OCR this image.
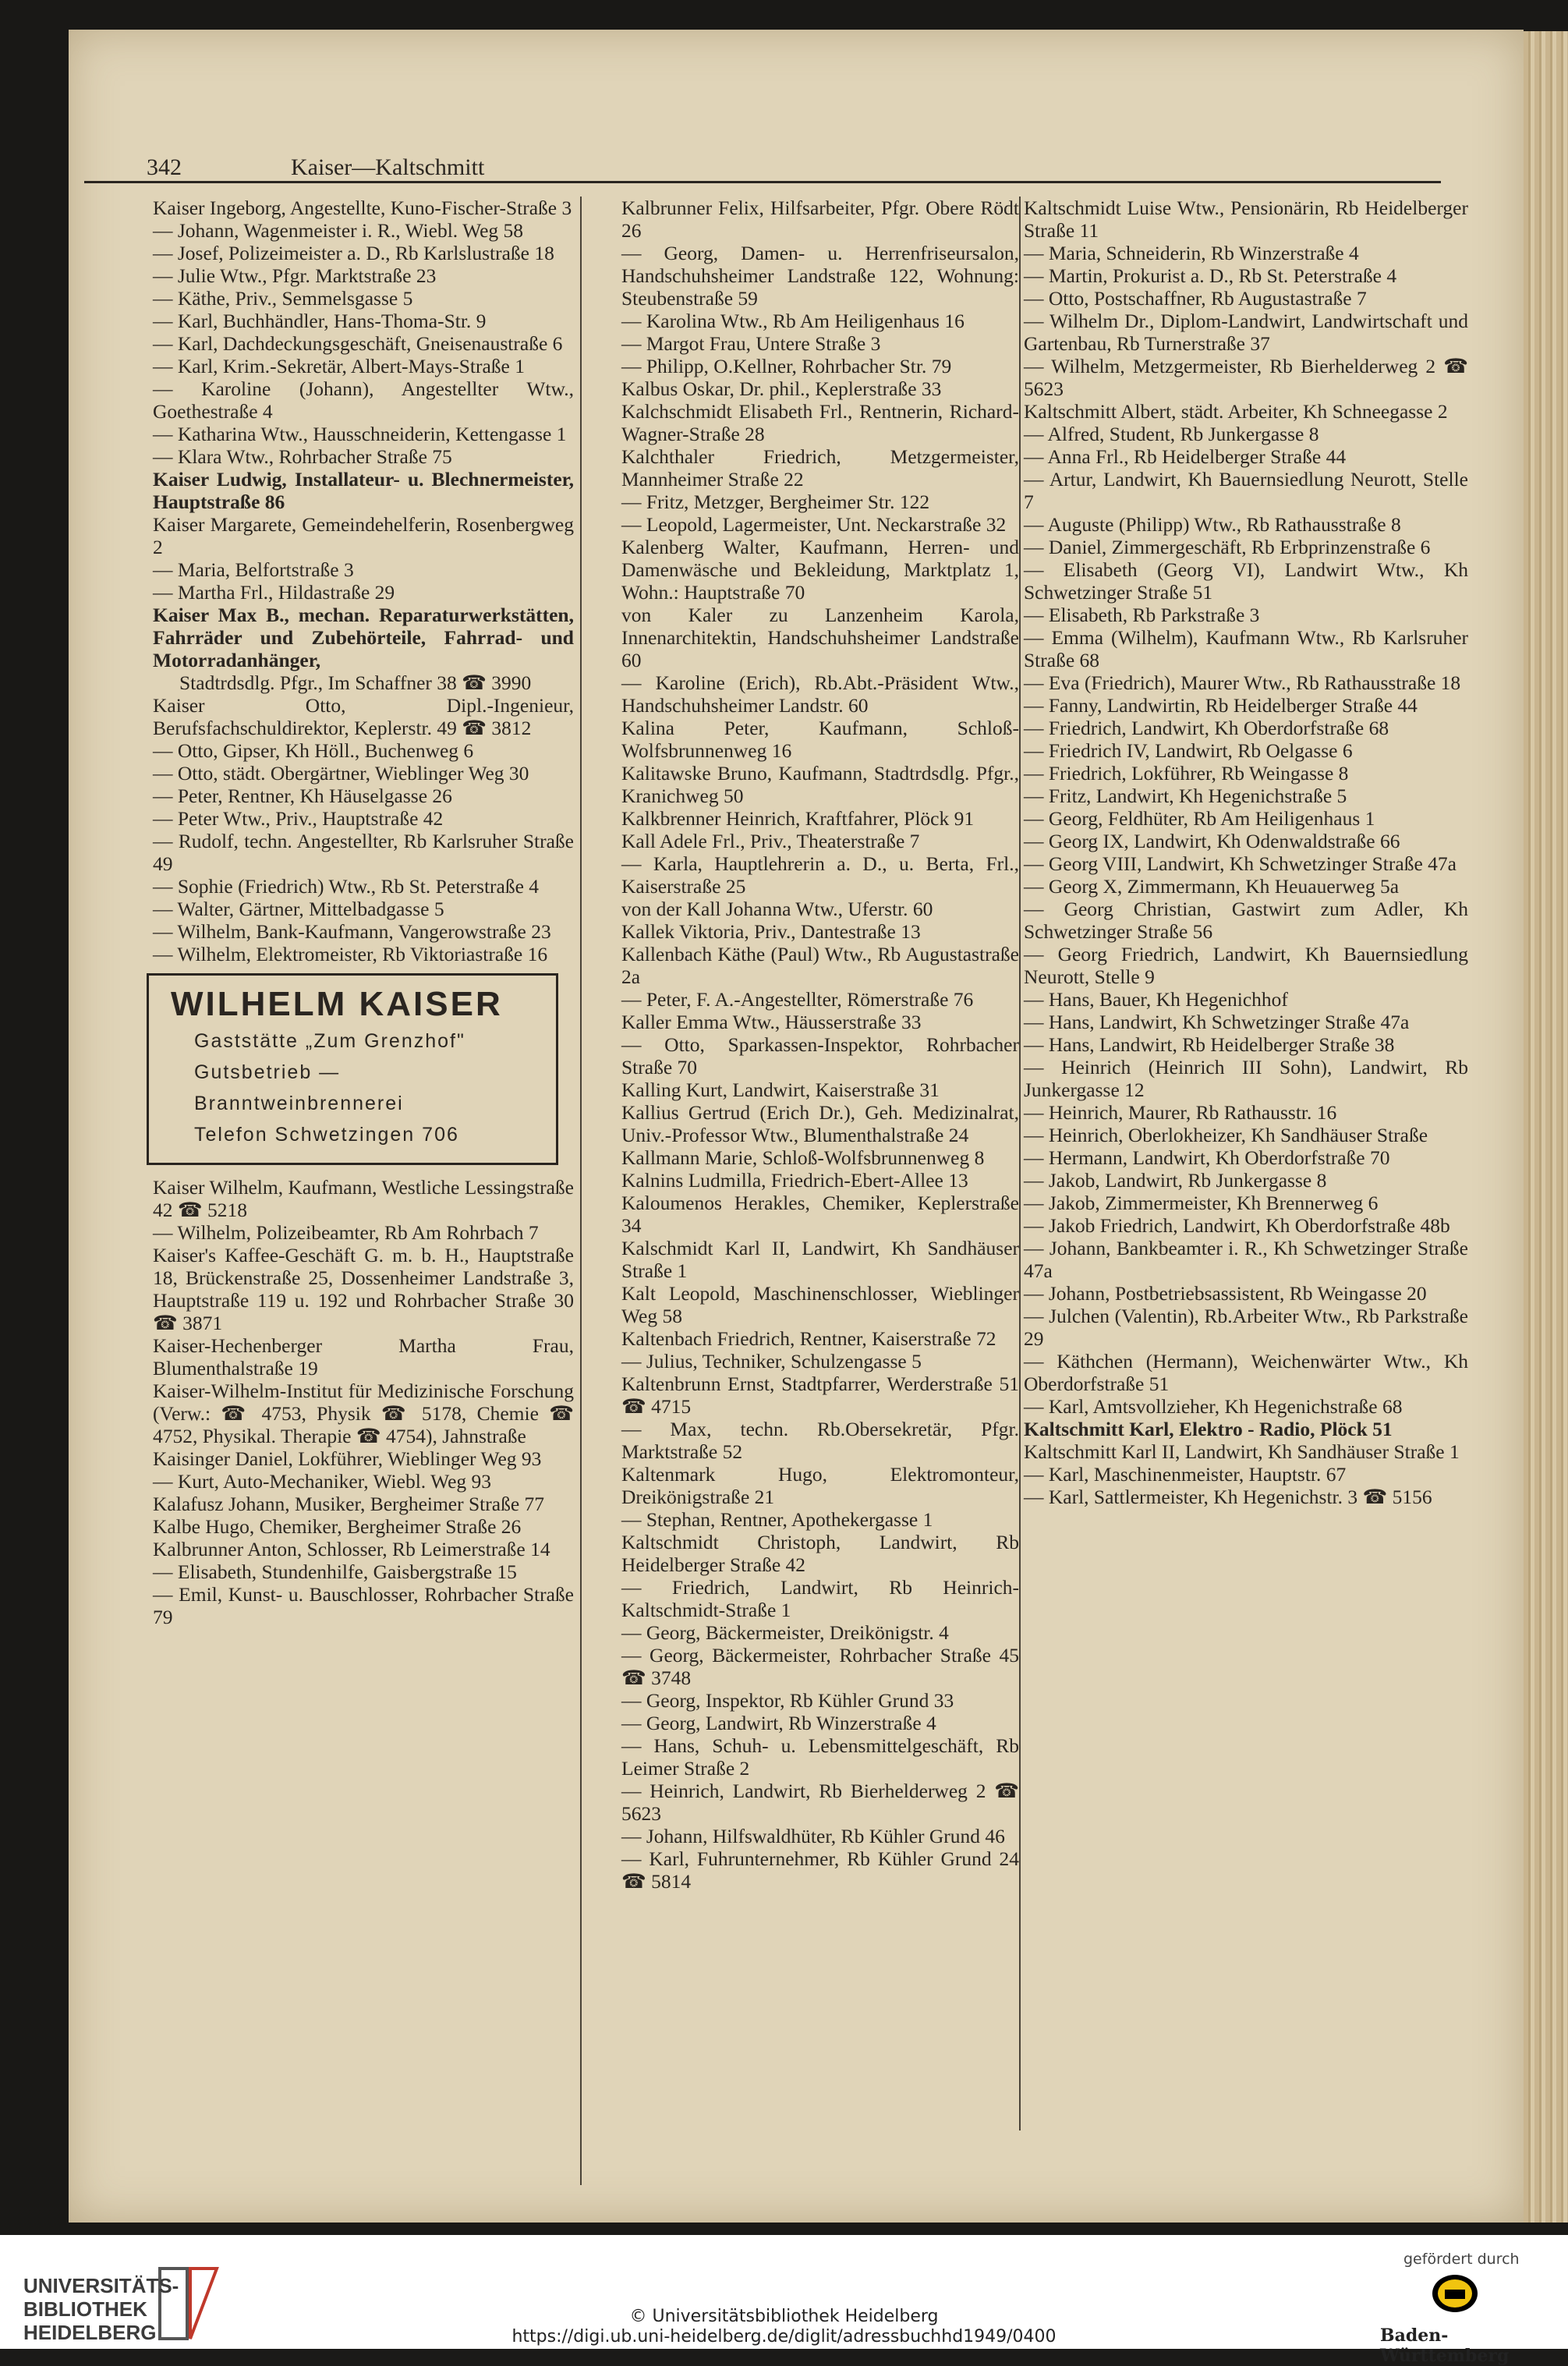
342	Kaiser—Kaltschmitt

Kaiser Ingeborg, Angestellte, Kuno-Fischer-Straße 3

— Johann, Wagenmeister i. R., Wiebl. Weg 58

— Josef, Polizeimeister a. D., Rb Karlslustraße 18

— Julie Wtw., Pfgr. Marktstraße 23

— Käthe, Priv., Semmelsgasse 5

— Karl, Buchhändler, Hans-Thoma-Str. 9

— Karl, Dachdeckungsgeschäft, Gneisenaustraße 6

— Karl, Krim.-Sekretär, Albert-Mays-Straße 1

— Karoline (Johann), Angestellter Wtw., Goethestraße 4

— Katharina Wtw., Hausschneiderin, Kettengasse 1

— Klara Wtw., Rohrbacher Straße 75

Kaiser Ludwig, Installateur- u. Blechnermeister, Hauptstraße 86

Kaiser Margarete, Gemeindehelferin, Rosenbergweg 2

— Maria, Belfortstraße 3

— Martha Frl., Hildastraße 29

Kaiser Max B., mechan. Reparaturwerkstätten, Fahrräder und Zubehörteile, Fahrrad- und Motorradanhänger,

Stadtrdsdlg. Pfgr., Im Schaffner 38 ☎ 3990

Kaiser Otto, Dipl.-Ingenieur, Berufsfachschuldirektor, Keplerstr. 49 ☎ 3812

— Otto, Gipser, Kh Höll., Buchenweg 6

— Otto, städt. Obergärtner, Wieblinger Weg 30

— Peter, Rentner, Kh Häuselgasse 26

— Peter Wtw., Priv., Hauptstraße 42

— Rudolf, techn. Angestellter, Rb Karlsruher Straße 49

— Sophie (Friedrich) Wtw., Rb St. Peterstraße 4

— Walter, Gärtner, Mittelbadgasse 5

— Wilhelm, Bank-Kaufmann, Vangerowstraße 23

— Wilhelm, Elektromeister, Rb Viktoriastraße 16

WILHELM KAISER
Gaststätte „Zum Grenzhof"
Gutsbetrieb — Branntweinbrennerei
Telefon Schwetzingen 706

Kaiser Wilhelm, Kaufmann, Westliche Lessingstraße 42 ☎ 5218

— Wilhelm, Polizeibeamter, Rb Am Rohrbach 7

Kaiser's Kaffee-Geschäft G. m. b. H., Hauptstraße 18, Brückenstraße 25, Dossenheimer Landstraße 3, Hauptstraße 119 u. 192 und Rohrbacher Straße 30 ☎ 3871

Kaiser-Hechenberger Martha Frau, Blumenthalstraße 19

Kaiser-Wilhelm-Institut für Medizinische Forschung (Verw.: ☎ 4753, Physik ☎ 5178, Chemie ☎ 4752, Physikal. Therapie ☎ 4754), Jahnstraße

Kaisinger Daniel, Lokführer, Wieblinger Weg 93

— Kurt, Auto-Mechaniker, Wiebl. Weg 93

Kalafusz Johann, Musiker, Bergheimer Straße 77

Kalbe Hugo, Chemiker, Bergheimer Straße 26

Kalbrunner Anton, Schlosser, Rb Leimerstraße 14

— Elisabeth, Stundenhilfe, Gaisbergstraße 15

— Emil, Kunst- u. Bauschlosser, Rohrbacher Straße 79

Kalbrunner Felix, Hilfsarbeiter, Pfgr. Obere Rödt 26

— Georg, Damen- u. Herrenfriseursalon, Handschuhsheimer Landstraße 122, Wohnung: Steubenstraße 59

— Karolina Wtw., Rb Am Heiligenhaus 16

— Margot Frau, Untere Straße 3

— Philipp, O.Kellner, Rohrbacher Str. 79

Kalbus Oskar, Dr. phil., Keplerstraße 33

Kalchschmidt Elisabeth Frl., Rentnerin, Richard-Wagner-Straße 28

Kalchthaler Friedrich, Metzgermeister, Mannheimer Straße 22

— Fritz, Metzger, Bergheimer Str. 122

— Leopold, Lagermeister, Unt. Neckarstraße 32

Kalenberg Walter, Kaufmann, Herren- und Damenwäsche und Bekleidung, Marktplatz 1, Wohn.: Hauptstraße 70

von Kaler zu Lanzenheim Karola, Innenarchitektin, Handschuhsheimer Landstraße 60

— Karoline (Erich), Rb.Abt.-Präsident Wtw., Handschuhsheimer Landstr. 60

Kalina Peter, Kaufmann, Schloß-Wolfsbrunnenweg 16

Kalitawske Bruno, Kaufmann, Stadtrdsdlg. Pfgr., Kranichweg 50

Kalkbrenner Heinrich, Kraftfahrer, Plöck 91

Kall Adele Frl., Priv., Theaterstraße 7

— Karla, Hauptlehrerin a. D., u. Berta, Frl., Kaiserstraße 25

von der Kall Johanna Wtw., Uferstr. 60

Kallek Viktoria, Priv., Dantestraße 13

Kallenbach Käthe (Paul) Wtw., Rb Augustastraße 2a

— Peter, F. A.-Angestellter, Römerstraße 76

Kaller Emma Wtw., Häusserstraße 33

— Otto, Sparkassen-Inspektor, Rohrbacher Straße 70

Kalling Kurt, Landwirt, Kaiserstraße 31

Kallius Gertrud (Erich Dr.), Geh. Medizinalrat, Univ.-Professor Wtw., Blumenthalstraße 24

Kallmann Marie, Schloß-Wolfsbrunnenweg 8

Kalnins Ludmilla, Friedrich-Ebert-Allee 13

Kaloumenos Herakles, Chemiker, Keplerstraße 34

Kalschmidt Karl II, Landwirt, Kh Sandhäuser Straße 1

Kalt Leopold, Maschinenschlosser, Wieblinger Weg 58

Kaltenbach Friedrich, Rentner, Kaiserstraße 72

— Julius, Techniker, Schulzengasse 5

Kaltenbrunn Ernst, Stadtpfarrer, Werderstraße 51 ☎ 4715

— Max, techn. Rb.Obersekretär, Pfgr. Marktstraße 52

Kaltenmark Hugo, Elektromonteur, Dreikönigstraße 21

— Stephan, Rentner, Apothekergasse 1

Kaltschmidt Christoph, Landwirt, Rb Heidelberger Straße 42

— Friedrich, Landwirt, Rb Heinrich-Kaltschmidt-Straße 1

— Georg, Bäckermeister, Dreikönigstr. 4

— Georg, Bäckermeister, Rohrbacher Straße 45 ☎ 3748

— Georg, Inspektor, Rb Kühler Grund 33

— Georg, Landwirt, Rb Winzerstraße 4

— Hans, Schuh- u. Lebensmittelgeschäft, Rb Leimer Straße 2

— Heinrich, Landwirt, Rb Bierhelderweg 2 ☎ 5623

— Johann, Hilfswaldhüter, Rb Kühler Grund 46

— Karl, Fuhrunternehmer, Rb Kühler Grund 24 ☎ 5814

Kaltschmidt Luise Wtw., Pensionärin, Rb Heidelberger Straße 11

— Maria, Schneiderin, Rb Winzerstraße 4

— Martin, Prokurist a. D., Rb St. Peterstraße 4

— Otto, Postschaffner, Rb Augustastraße 7

— Wilhelm Dr., Diplom-Landwirt, Landwirtschaft und Gartenbau, Rb Turnerstraße 37

— Wilhelm, Metzgermeister, Rb Bierhelderweg 2 ☎ 5623

Kaltschmitt Albert, städt. Arbeiter, Kh Schneegasse 2

— Alfred, Student, Rb Junkergasse 8

— Anna Frl., Rb Heidelberger Straße 44

— Artur, Landwirt, Kh Bauernsiedlung Neurott, Stelle 7

— Auguste (Philipp) Wtw., Rb Rathausstraße 8

— Daniel, Zimmergeschäft, Rb Erbprinzenstraße 6

— Elisabeth (Georg VI), Landwirt Wtw., Kh Schwetzinger Straße 51

— Elisabeth, Rb Parkstraße 3

— Emma (Wilhelm), Kaufmann Wtw., Rb Karlsruher Straße 68

— Eva (Friedrich), Maurer Wtw., Rb Rathausstraße 18

— Fanny, Landwirtin, Rb Heidelberger Straße 44

— Friedrich, Landwirt, Kh Oberdorfstraße 68

— Friedrich IV, Landwirt, Rb Oelgasse 6

— Friedrich, Lokführer, Rb Weingasse 8

— Fritz, Landwirt, Kh Hegenichstraße 5

— Georg, Feldhüter, Rb Am Heiligenhaus 1

— Georg IX, Landwirt, Kh Odenwaldstraße 66

— Georg VIII, Landwirt, Kh Schwetzinger Straße 47a

— Georg X, Zimmermann, Kh Heuauerweg 5a

— Georg Christian, Gastwirt zum Adler, Kh Schwetzinger Straße 56

— Georg Friedrich, Landwirt, Kh Bauernsiedlung Neurott, Stelle 9

— Hans, Bauer, Kh Hegenichhof

— Hans, Landwirt, Kh Schwetzinger Straße 47a

— Hans, Landwirt, Rb Heidelberger Straße 38

— Heinrich (Heinrich III Sohn), Landwirt, Rb Junkergasse 12

— Heinrich, Maurer, Rb Rathausstr. 16

— Heinrich, Oberlokheizer, Kh Sandhäuser Straße

— Hermann, Landwirt, Kh Oberdorfstraße 70

— Jakob, Landwirt, Rb Junkergasse 8

— Jakob, Zimmermeister, Kh Brennerweg 6

— Jakob Friedrich, Landwirt, Kh Oberdorfstraße 48b

— Johann, Bankbeamter i. R., Kh Schwetzinger Straße 47a

— Johann, Postbetriebsassistent, Rb Weingasse 20

— Julchen (Valentin), Rb.Arbeiter Wtw., Rb Parkstraße 29

— Käthchen (Hermann), Weichenwärter Wtw., Kh Oberdorfstraße 51

— Karl, Amtsvollzieher, Kh Hegenichstraße 68

Kaltschmitt Karl, Elektro - Radio, Plöck 51

Kaltschmitt Karl II, Landwirt, Kh Sandhäuser Straße 1

— Karl, Maschinenmeister, Hauptstr. 67

— Karl, Sattlermeister, Kh Hegenichstr. 3 ☎ 5156

UNIVERSITÄTS-
BIBLIOTHEK
HEIDELBERG
© Universitätsbibliothek Heidelberg
https://digi.ub.uni-heidelberg.de/diglit/adressbuchhd1949/0400
gefördert durch
Baden-Württemberg
